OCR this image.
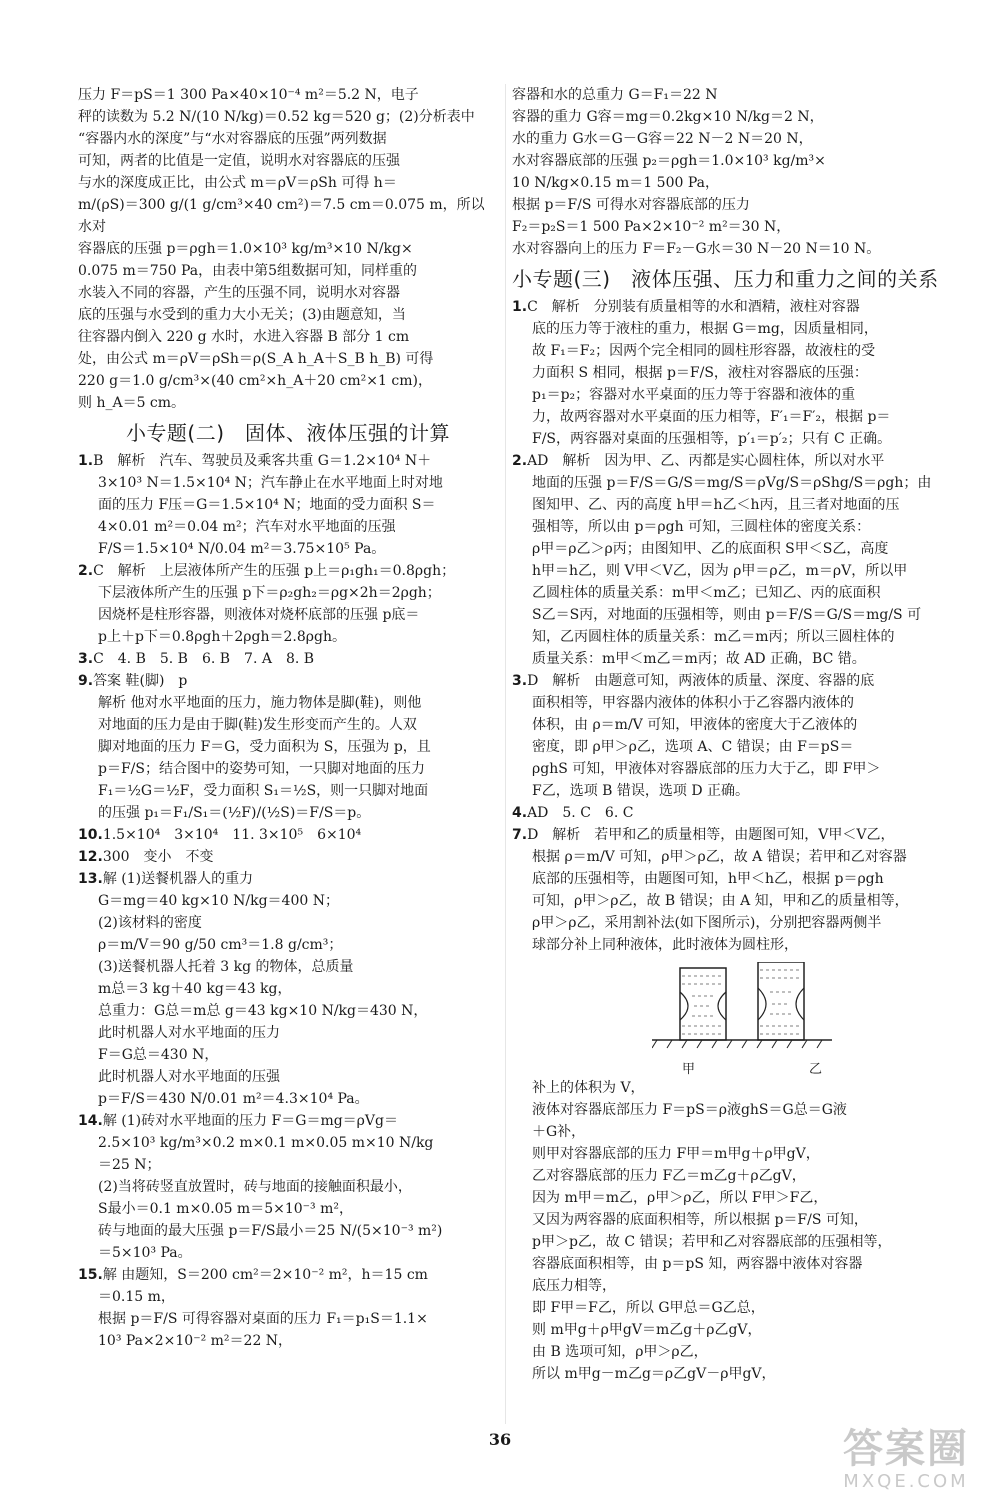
压力 F＝pS＝1 300 Pa×40×10⁻⁴ m²＝5.2 N，电子

秤的读数为 5.2 N/(10 N/kg)＝0.52 kg＝520 g；(2)分析表中

“容器内水的深度”与“水对容器底的压强”两列数据

可知，两者的比值是一定值，说明水对容器底的压强

与水的深度成正比，由公式 m＝ρV＝ρSh 可得 h＝

m/(ρS)＝300 g/(1 g/cm³×40 cm²)＝7.5 cm＝0.075 m，所以水对

容器底的压强 p＝ρgh＝1.0×10³ kg/m³×10 N/kg×

0.075 m＝750 Pa，由表中第5组数据可知，同样重的

水装入不同的容器，产生的压强不同，说明水对容器

底的压强与水受到的重力大小无关；(3)由题意知，当

往容器内倒入 220 g 水时，水进入容器 B 部分 1 cm

处，由公式 m＝ρV＝ρSh＝ρ(S_A h_A＋S_B h_B) 可得

220 g＝1.0 g/cm³×(40 cm²×h_A＋20 cm²×1 cm)，

则 h_A＝5 cm。

小专题(二)　固体、液体压强的计算

1.B　解析　汽车、驾驶员及乘客共重 G＝1.2×10⁴ N＋

3×10³ N＝1.5×10⁴ N；汽车静止在水平地面上时对地

面的压力 F压＝G＝1.5×10⁴ N；地面的受力面积 S＝

4×0.01 m²＝0.04 m²；汽车对水平地面的压强

F/S＝1.5×10⁴ N/0.04 m²＝3.75×10⁵ Pa。

2.C　解析　上层液体所产生的压强 p上＝ρ₁gh₁＝0.8ρgh；

下层液体所产生的压强 p下＝ρ₂gh₂＝ρg×2h＝2ρgh；

因烧杯是柱形容器，则液体对烧杯底部的压强 p底＝

p上＋p下＝0.8ρgh＋2ρgh＝2.8ρgh。

3.C　4. B　5. B　6. B　7. A　8. B

9.答案 鞋(脚)　p

解析 他对水平地面的压力，施力物体是脚(鞋)，则他

对地面的压力是由于脚(鞋)发生形变而产生的。人双

脚对地面的压力 F＝G，受力面积为 S，压强为 p，且

p＝F/S；结合图中的姿势可知，一只脚对地面的压力

F₁＝½G＝½F，受力面积 S₁＝½S，则一只脚对地面

的压强 p₁＝F₁/S₁＝(½F)/(½S)＝F/S＝p。

10.1.5×10⁴　3×10⁴　11. 3×10⁵　6×10⁴

12.300　变小　不变

13.解 (1)送餐机器人的重力

G＝mg＝40 kg×10 N/kg＝400 N；

(2)该材料的密度

ρ＝m/V＝90 g/50 cm³＝1.8 g/cm³；

(3)送餐机器人托着 3 kg 的物体，总质量

m总＝3 kg＋40 kg＝43 kg，

总重力：G总＝m总 g＝43 kg×10 N/kg＝430 N，

此时机器人对水平地面的压力

F＝G总＝430 N，

此时机器人对水平地面的压强

p＝F/S＝430 N/0.01 m²＝4.3×10⁴ Pa。

14.解 (1)砖对水平地面的压力 F＝G＝mg＝ρVg＝

2.5×10³ kg/m³×0.2 m×0.1 m×0.05 m×10 N/kg

＝25 N；

(2)当将砖竖直放置时，砖与地面的接触面积最小，

S最小＝0.1 m×0.05 m＝5×10⁻³ m²，

砖与地面的最大压强 p＝F/S最小＝25 N/(5×10⁻³ m²)

＝5×10³ Pa。

15.解 由题知，S＝200 cm²＝2×10⁻² m²，h＝15 cm

＝0.15 m，

根据 p＝F/S 可得容器对桌面的压力 F₁＝p₁S＝1.1×

10³ Pa×2×10⁻² m²＝22 N，

容器和水的总重力 G＝F₁＝22 N

容器的重力 G容＝mg＝0.2kg×10 N/kg＝2 N，

水的重力 G水＝G－G容＝22 N－2 N＝20 N，

水对容器底部的压强 p₂＝ρgh＝1.0×10³ kg/m³×

10 N/kg×0.15 m＝1 500 Pa，

根据 p＝F/S 可得水对容器底部的压力

F₂＝p₂S＝1 500 Pa×2×10⁻² m²＝30 N，

水对容器向上的压力 F＝F₂－G水＝30 N－20 N＝10 N。

小专题(三)　液体压强、压力和重力之间的关系

1.C　解析　分别装有质量相等的水和酒精，液柱对容器

底的压力等于液柱的重力，根据 G＝mg，因质量相同，

故 F₁＝F₂；因两个完全相同的圆柱形容器，故液柱的受

力面积 S 相同，根据 p＝F/S，液柱对容器底的压强：

p₁＝p₂；容器对水平桌面的压力等于容器和液体的重

力，故两容器对水平桌面的压力相等，F′₁＝F′₂，根据 p＝

F/S，两容器对桌面的压强相等，p′₁＝p′₂；只有 C 正确。

2.AD　解析　因为甲、乙、丙都是实心圆柱体，所以对水平

地面的压强 p＝F/S＝G/S＝mg/S＝ρVg/S＝ρShg/S＝ρgh；由

图知甲、乙、丙的高度 h甲＝h乙＜h丙，且三者对地面的压

强相等，所以由 p＝ρgh 可知，三圆柱体的密度关系：

ρ甲＝ρ乙＞ρ丙；由图知甲、乙的底面积 S甲＜S乙，高度

h甲＝h乙，则 V甲＜V乙，因为 ρ甲＝ρ乙，m＝ρV，所以甲

乙圆柱体的质量关系：m甲＜m乙；已知乙、丙的底面积

S乙＝S丙，对地面的压强相等，则由 p＝F/S＝G/S＝mg/S 可

知，乙丙圆柱体的质量关系：m乙＝m丙；所以三圆柱体的

质量关系：m甲＜m乙＝m丙；故 AD 正确，BC 错。

3.D　解析　由题意可知，两液体的质量、深度、容器的底

面积相等，甲容器内液体的体积小于乙容器内液体的

体积，由 ρ＝m/V 可知，甲液体的密度大于乙液体的

密度，即 ρ甲＞ρ乙，选项 A、C 错误；由 F＝pS＝

ρghS 可知，甲液体对容器底部的压力大于乙，即 F甲＞

F乙，选项 B 错误，选项 D 正确。

4.AD　5. C　6. C

7.D　解析　若甲和乙的质量相等，由题图可知，V甲＜V乙，

根据 ρ＝m/V 可知，ρ甲＞ρ乙，故 A 错误；若甲和乙对容器

底部的压强相等，由题图可知，h甲＜h乙，根据 p＝ρgh

可知，ρ甲＞ρ乙，故 B 错误；由 A 知，甲和乙的质量相等，

ρ甲＞ρ乙，采用割补法(如下图所示)，分别把容器两侧半

球部分补上同种液体，此时液体为圆柱形，

甲	乙

补上的体积为 V，

液体对容器底部压力 F＝pS＝ρ液ghS＝G总＝G液

＋G补，

则甲对容器底部的压力 F甲＝m甲g＋ρ甲gV，

乙对容器底部的压力 F乙＝m乙g＋ρ乙gV，

因为 m甲＝m乙，ρ甲＞ρ乙，所以 F甲＞F乙，

又因为两容器的底面积相等，所以根据 p＝F/S 可知，

p甲＞p乙，故 C 错误；若甲和乙对容器底部的压强相等，

容器底面积相等，由 p＝pS 知，两容器中液体对容器

底压力相等，

即 F甲＝F乙，所以 G甲总＝G乙总，

则 m甲g＋ρ甲gV＝m乙g＋ρ乙gV，

由 B 选项可知，ρ甲＞ρ乙，

所以 m甲g－m乙g＝ρ乙gV－ρ甲gV，

36	答案圈
MXQE.COM
